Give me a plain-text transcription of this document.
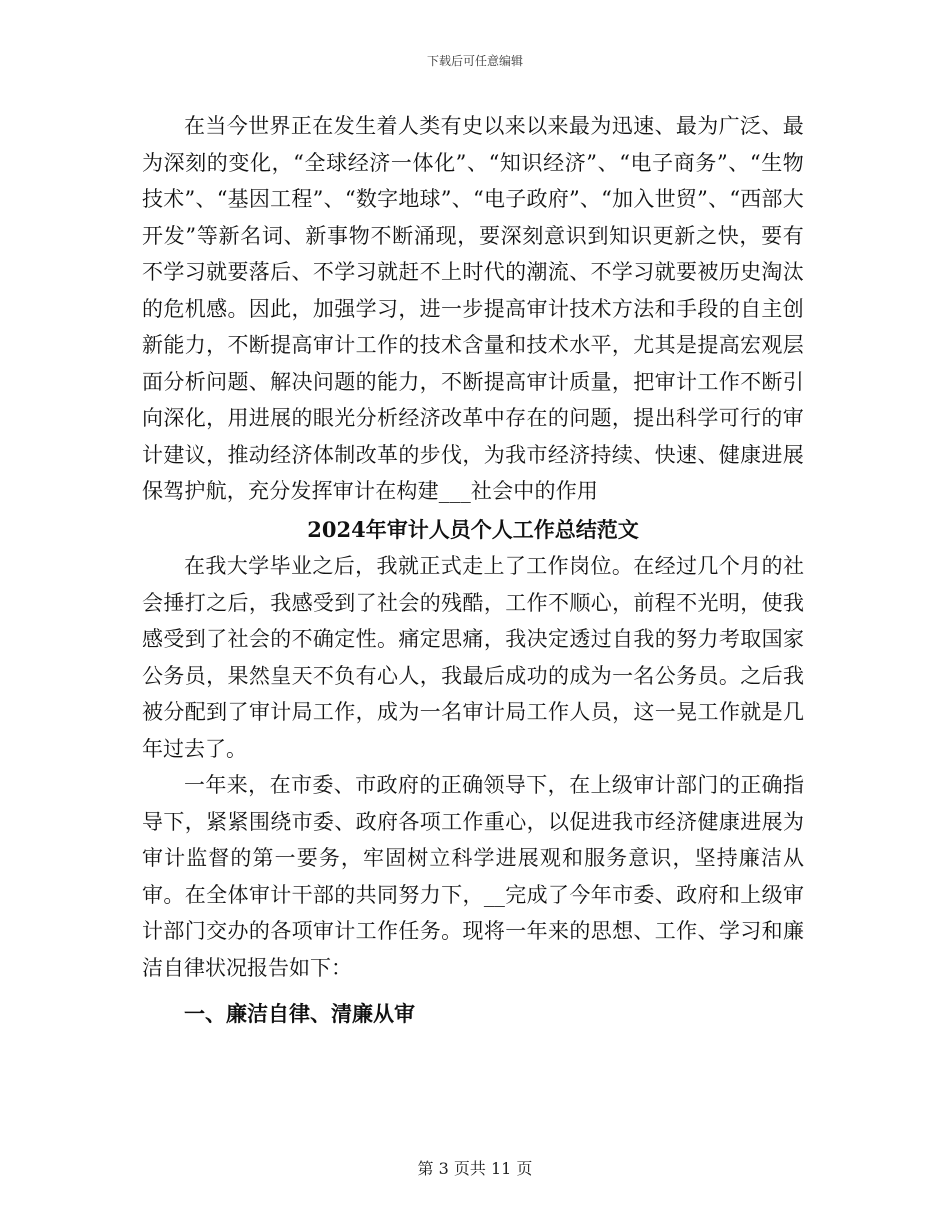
下载后可任意编辑

在当今世界正在发生着人类有史以来以来最为迅速、最为广泛、最为深刻的变化，“全球经济一体化”、“知识经济”、“电子商务”、“生物技术”、“基因工程”、“数字地球”、“电子政府”、“加入世贸”、“西部大开发”等新名词、新事物不断涌现，要深刻意识到知识更新之快，要有不学习就要落后、不学习就赶不上时代的潮流、不学习就要被历史淘汰的危机感。因此，加强学习，进一步提高审计技术方法和手段的自主创新能力，不断提高审计工作的技术含量和技术水平，尤其是提高宏观层面分析问题、解决问题的能力，不断提高审计质量，把审计工作不断引向深化，用进展的眼光分析经济改革中存在的问题，提出科学可行的审计建议，推动经济体制改革的步伐，为我市经济持续、快速、健康进展保驾护航，充分发挥审计在构建___社会中的作用

2024年审计人员个人工作总结范文

在我大学毕业之后，我就正式走上了工作岗位。在经过几个月的社会捶打之后，我感受到了社会的残酷，工作不顺心，前程不光明，使我感受到了社会的不确定性。痛定思痛，我决定透过自我的努力考取国家公务员，果然皇天不负有心人，我最后成功的成为一名公务员。之后我被分配到了审计局工作，成为一名审计局工作人员，这一晃工作就是几年过去了。

一年来，在市委、市政府的正确领导下，在上级审计部门的正确指导下，紧紧围绕市委、政府各项工作重心，以促进我市经济健康进展为审计监督的第一要务，牢固树立科学进展观和服务意识，坚持廉洁从审。在全体审计干部的共同努力下，__完成了今年市委、政府和上级审计部门交办的各项审计工作任务。现将一年来的思想、工作、学习和廉洁自律状况报告如下：

一、廉洁自律、清廉从审
第 3 页共 11 页
